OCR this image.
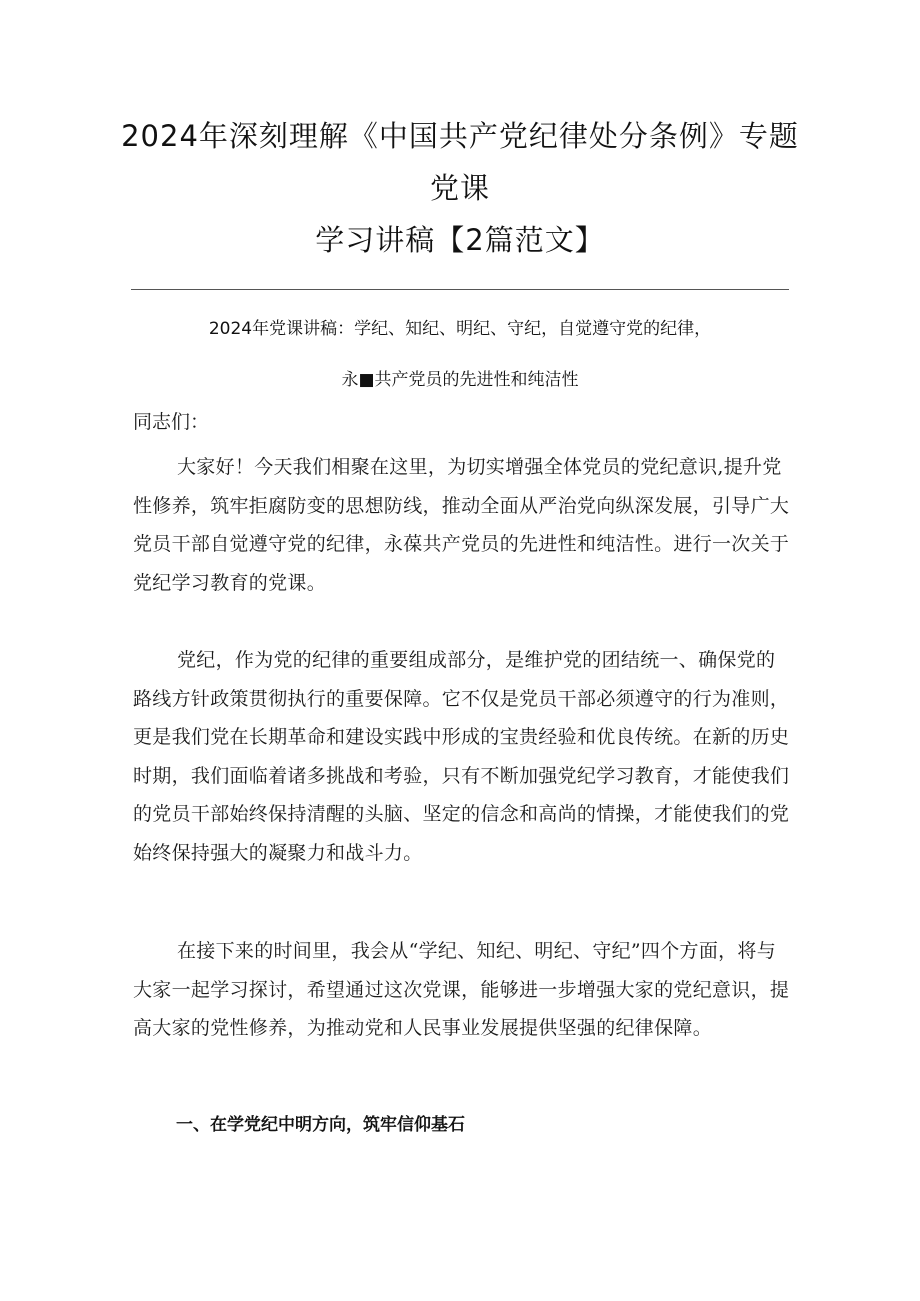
2024年深刻理解《中国共产党纪律处分条例》专题党课
学习讲稿【2篇范文】

2024年党课讲稿：学纪、知纪、明纪、守纪，自觉遵守党的纪律，

永■共产党员的先进性和纯洁性

同志们：

大家好！今天我们相聚在这里，为切实增强全体党员的党纪意识,提升党性修养，筑牢拒腐防变的思想防线，推动全面从严治党向纵深发展，引导广大党员干部自觉遵守党的纪律，永葆共产党员的先进性和纯洁性。进行一次关于党纪学习教育的党课。

党纪，作为党的纪律的重要组成部分，是维护党的团结统一、确保党的路线方针政策贯彻执行的重要保障。它不仅是党员干部必须遵守的行为准则，更是我们党在长期革命和建设实践中形成的宝贵经验和优良传统。在新的历史时期，我们面临着诸多挑战和考验，只有不断加强党纪学习教育，才能使我们的党员干部始终保持清醒的头脑、坚定的信念和高尚的情操，才能使我们的党始终保持强大的凝聚力和战斗力。

在接下来的时间里，我会从“学纪、知纪、明纪、守纪”四个方面，将与大家一起学习探讨，希望通过这次党课，能够进一步增强大家的党纪意识，提高大家的党性修养，为推动党和人民事业发展提供坚强的纪律保障。

一、在学党纪中明方向，筑牢信仰基石
